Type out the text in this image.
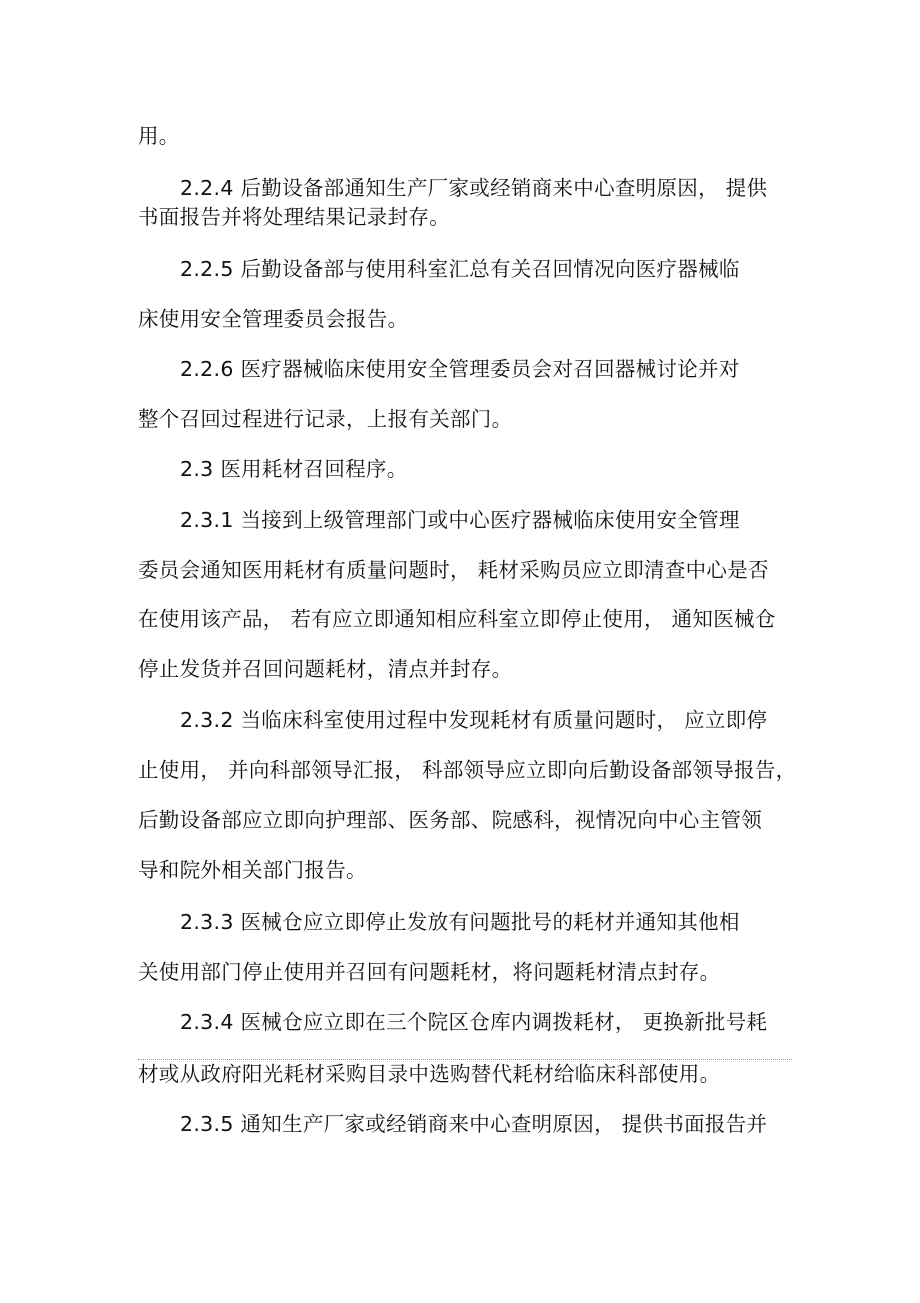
用。
2.2.4 后勤设备部通知生产厂家或经销商来中心查明原因， 提供
书面报告并将处理结果记录封存。
2.2.5 后勤设备部与使用科室汇总有关召回情况向医疗器械临
床使用安全管理委员会报告。
2.2.6 医疗器械临床使用安全管理委员会对召回器械讨论并对
整个召回过程进行记录，上报有关部门。
2.3 医用耗材召回程序。
2.3.1 当接到上级管理部门或中心医疗器械临床使用安全管理
委员会通知医用耗材有质量问题时， 耗材采购员应立即清查中心是否
在使用该产品， 若有应立即通知相应科室立即停止使用， 通知医械仓
停止发货并召回问题耗材，清点并封存。
2.3.2 当临床科室使用过程中发现耗材有质量问题时， 应立即停
止使用， 并向科部领导汇报， 科部领导应立即向后勤设备部领导报告，
后勤设备部应立即向护理部、医务部、院感科，视情况向中心主管领
导和院外相关部门报告。
2.3.3 医械仓应立即停止发放有问题批号的耗材并通知其他相
关使用部门停止使用并召回有问题耗材，将问题耗材清点封存。
2.3.4 医械仓应立即在三个院区仓库内调拨耗材， 更换新批号耗
材或从政府阳光耗材采购目录中选购替代耗材给临床科部使用。
2.3.5 通知生产厂家或经销商来中心查明原因， 提供书面报告并
